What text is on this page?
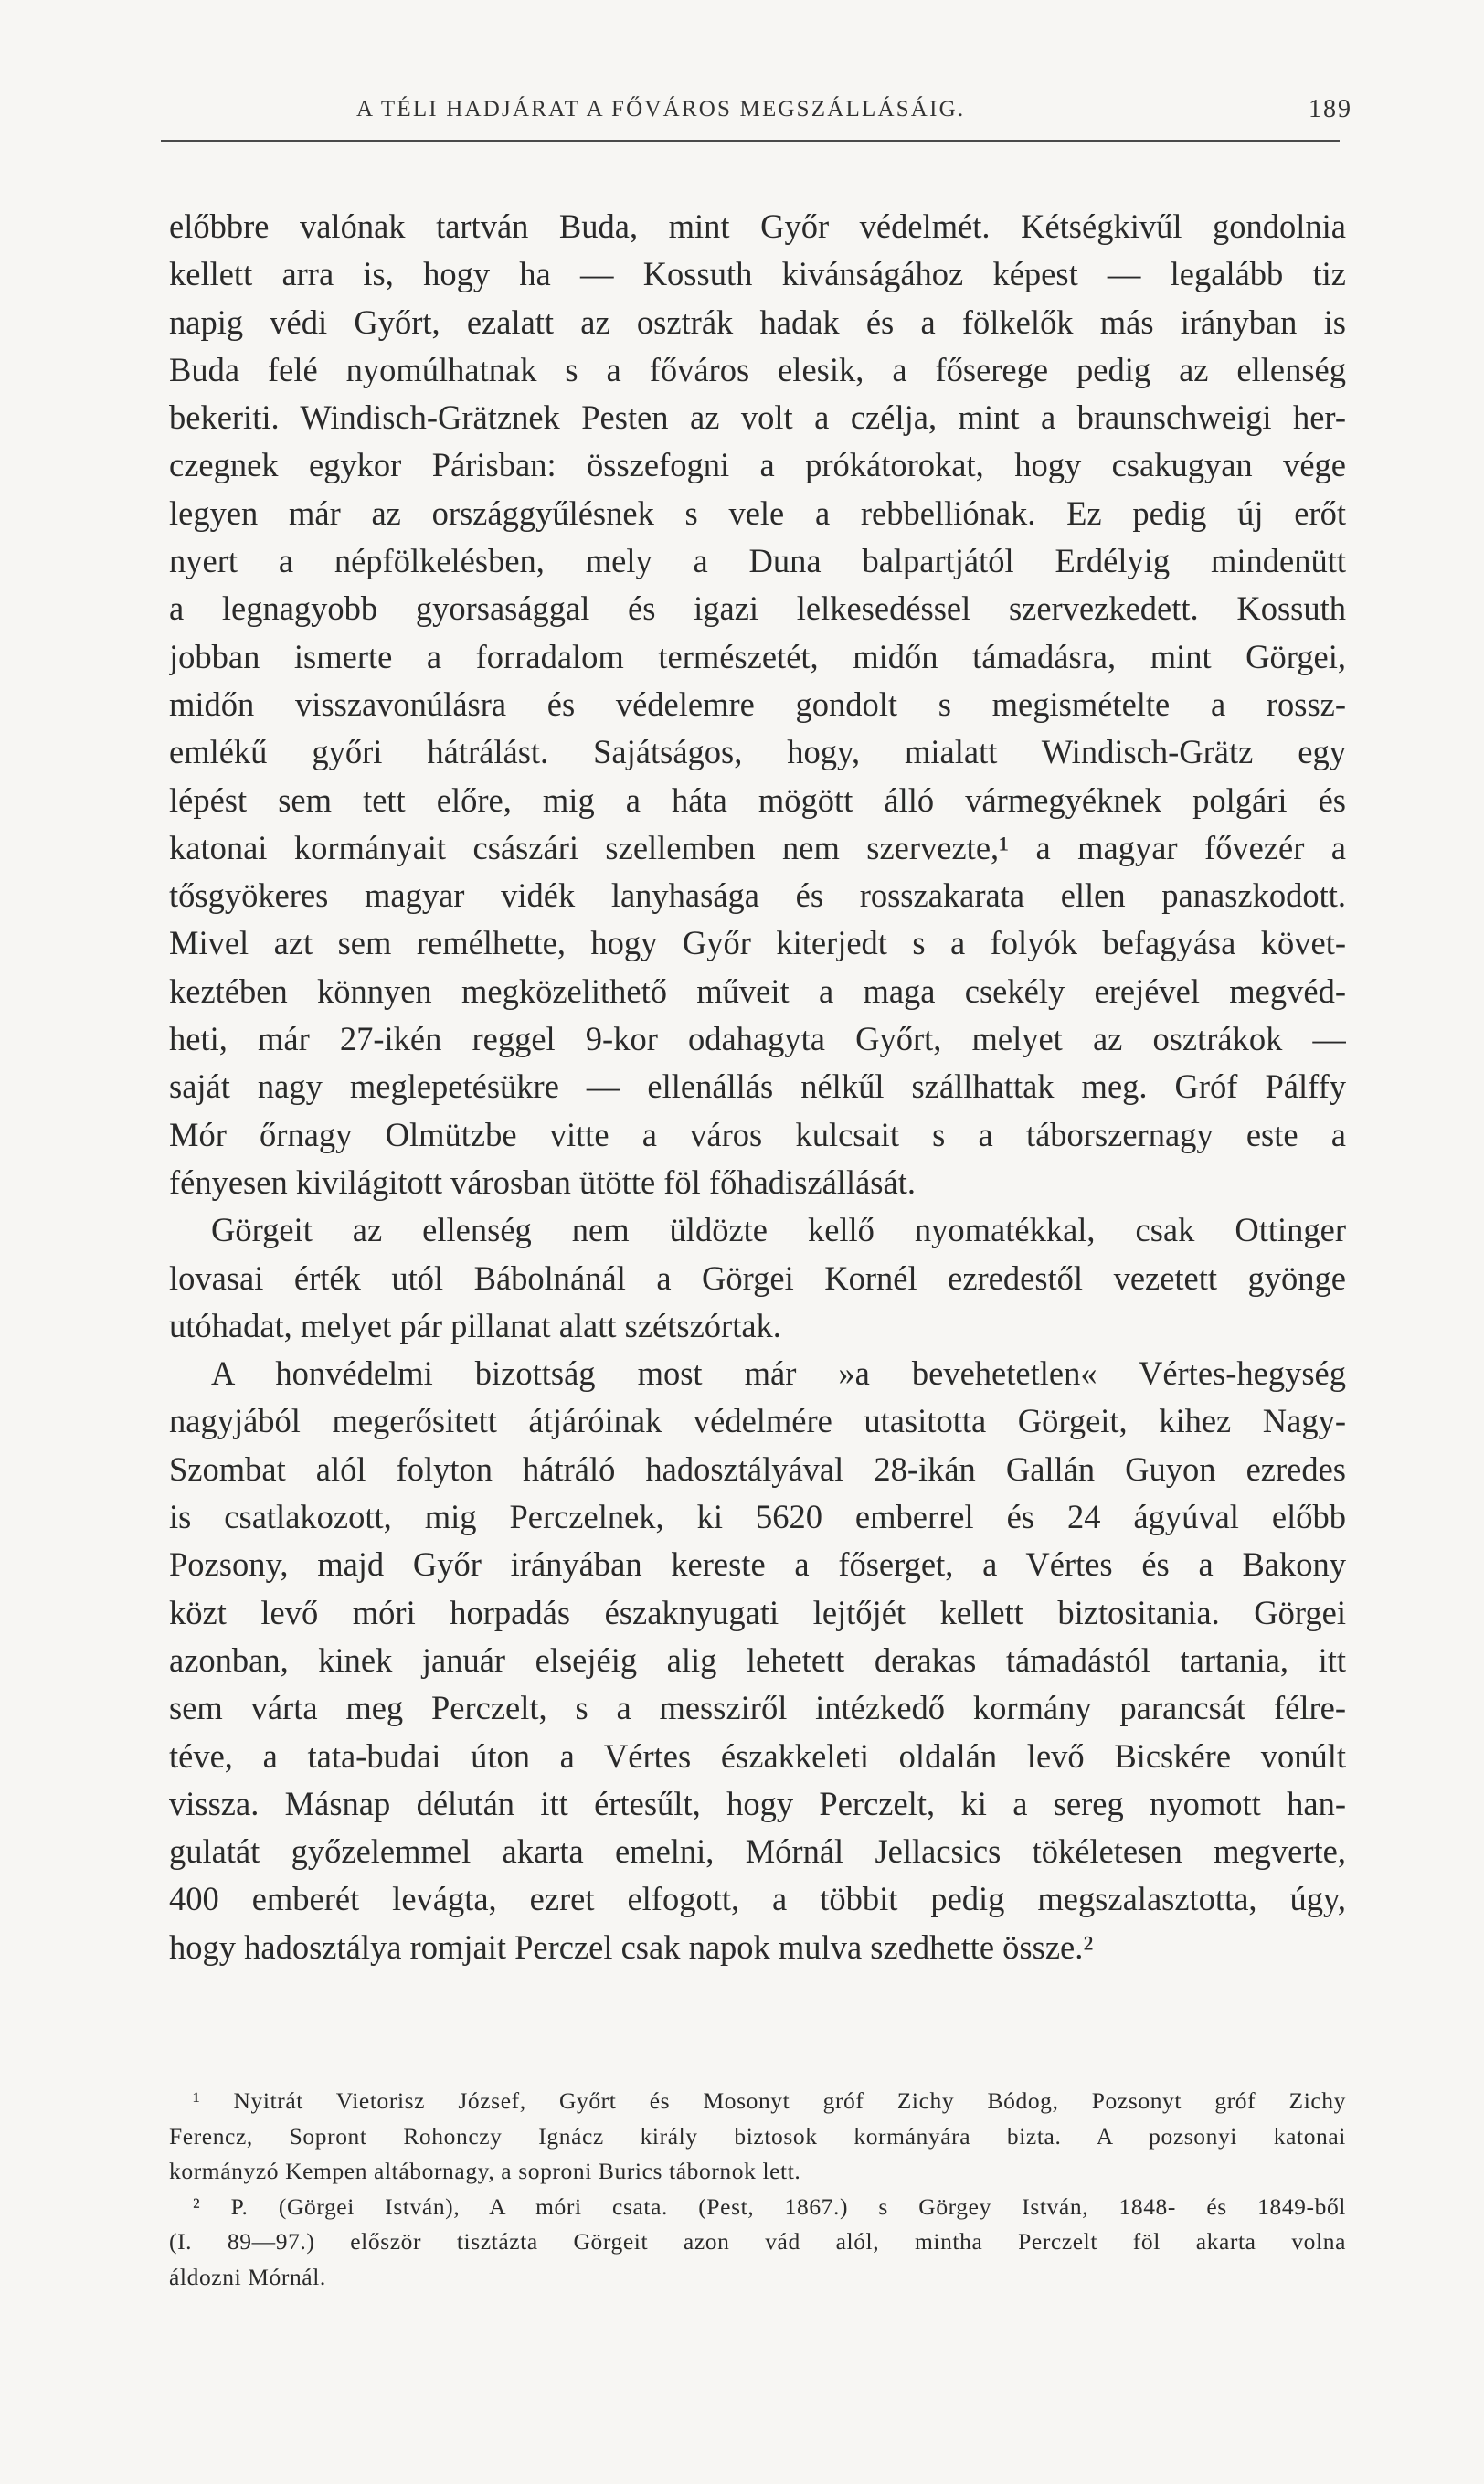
A TÉLI HADJÁRAT A FŐVÁROS MEGSZÁLLÁSÁIG.	189

előbbre valónak tartván Buda, mint Győr védelmét. Kétségkivűl gondolnia

kellett arra is, hogy ha — Kossuth kivánságához képest — legalább tiz

napig védi Győrt, ezalatt az osztrák hadak és a fölkelők más irányban is

Buda felé nyomúlhatnak s a főváros elesik, a főserege pedig az ellenség

bekeriti. Windisch-Grätznek Pesten az volt a czélja, mint a braunschweigi her-

czegnek egykor Párisban: összefogni a prókátorokat, hogy csakugyan vége

legyen már az országgyűlésnek s vele a rebbelliónak. Ez pedig új erőt

nyert a népfölkelésben, mely a Duna balpartjától Erdélyig mindenütt

a legnagyobb gyorsasággal és igazi lelkesedéssel szervezkedett. Kossuth

jobban ismerte a forradalom természetét, midőn támadásra, mint Görgei,

midőn visszavonúlásra és védelemre gondolt s megismételte a rossz-

emlékű győri hátrálást. Sajátságos, hogy, mialatt Windisch-Grätz egy

lépést sem tett előre, mig a háta mögött álló vármegyéknek polgári és

katonai kormányait császári szellemben nem szervezte,¹ a magyar fővezér a

tősgyökeres magyar vidék lanyhasága és rosszakarata ellen panaszkodott.

Mivel azt sem remélhette, hogy Győr kiterjedt s a folyók befagyása követ-

keztében könnyen megközelithető műveit a maga csekély erejével megvéd-

heti, már 27-ikén reggel 9-kor odahagyta Győrt, melyet az osztrákok —

saját nagy meglepetésükre — ellenállás nélkűl szállhattak meg. Gróf Pálffy

Mór őrnagy Olmützbe vitte a város kulcsait s a táborszernagy este a

fényesen kivilágitott városban ütötte föl főhadiszállását.

Görgeit az ellenség nem üldözte kellő nyomatékkal, csak Ottinger

lovasai érték utól Bábolnánál a Görgei Kornél ezredestől vezetett gyönge

utóhadat, melyet pár pillanat alatt szétszórtak.

A honvédelmi bizottság most már »a bevehetetlen« Vértes-hegység

nagyjából megerősitett átjáróinak védelmére utasitotta Görgeit, kihez Nagy-

Szombat alól folyton hátráló hadosztályával 28-ikán Gallán Guyon ezredes

is csatlakozott, mig Perczelnek, ki 5620 emberrel és 24 ágyúval előbb

Pozsony, majd Győr irányában kereste a főserget, a Vértes és a Bakony

közt levő móri horpadás északnyugati lejtőjét kellett biztositania. Görgei

azonban, kinek január elsejéig alig lehetett derakas támadástól tartania, itt

sem várta meg Perczelt, s a messziről intézkedő kormány parancsát félre-

téve, a tata-budai úton a Vértes északkeleti oldalán levő Bicskére vonúlt

vissza. Másnap délután itt értesűlt, hogy Perczelt, ki a sereg nyomott han-

gulatát győzelemmel akarta emelni, Mórnál Jellacsics tökéletesen megverte,

400 emberét levágta, ezret elfogott, a többit pedig megszalasztotta, úgy,

hogy hadosztálya romjait Perczel csak napok mulva szedhette össze.²

¹ Nyitrát Vietorisz József, Győrt és Mosonyt gróf Zichy Bódog, Pozsonyt gróf Zichy

Ferencz, Sopront Rohonczy Ignácz király biztosok kormányára bizta. A pozsonyi katonai

kormányzó Kempen altábornagy, a soproni Burics tábornok lett.

² P. (Görgei István), A móri csata. (Pest, 1867.) s Görgey István, 1848- és 1849-ből

(I. 89—97.) először tisztázta Görgeit azon vád alól, mintha Perczelt föl akarta volna

áldozni Mórnál.
